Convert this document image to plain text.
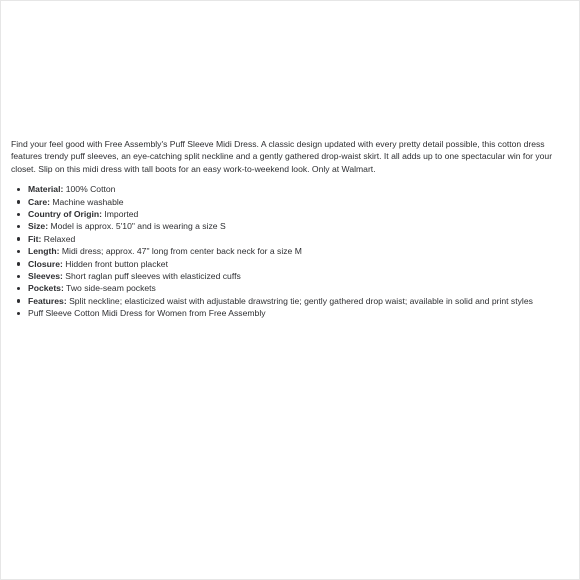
Find your feel good with Free Assembly's Puff Sleeve Midi Dress. A classic design updated with every pretty detail possible, this cotton dress features trendy puff sleeves, an eye-catching split neckline and a gently gathered drop-waist skirt. It all adds up to one spectacular win for your closet. Slip on this midi dress with tall boots for an easy work-to-weekend look. Only at Walmart.

Material: 100% Cotton
Care: Machine washable
Country of Origin: Imported
Size: Model is approx. 5'10" and is wearing a size S
Fit: Relaxed
Length: Midi dress; approx. 47" long from center back neck for a size M
Closure: Hidden front button placket
Sleeves: Short raglan puff sleeves with elasticized cuffs
Pockets: Two side-seam pockets
Features: Split neckline; elasticized waist with adjustable drawstring tie; gently gathered drop waist; available in solid and print styles
Puff Sleeve Cotton Midi Dress for Women from Free Assembly
